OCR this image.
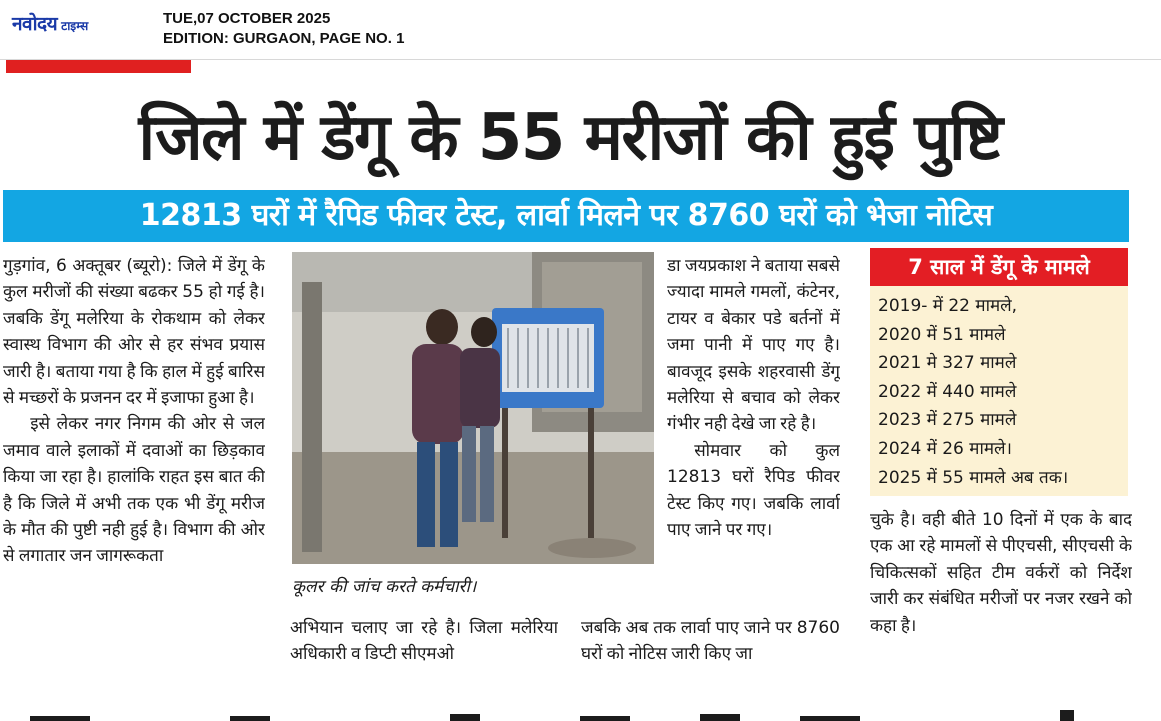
नवोदय टाइम्स	TUE,07 OCTOBER 2025
EDITION: GURGAON, PAGE NO. 1
जिले में डेंगू के 55 मरीजों की हुई पुष्टि
12813 घरों में रैपिड फीवर टेस्ट, लार्वा मिलने पर 8760 घरों को भेजा नोटिस

गुड़गांव, 6 अक्तूबर (ब्यूरो): जिले में डेंगू के कुल मरीजों की संख्या बढकर 55 हो गई है। जबकि डेंगू मलेरिया के रोकथाम को लेकर स्वास्थ विभाग की ओर से हर संभव प्रयास जारी है। बताया गया है कि हाल में हुई बारिस से मच्छरों के प्रजनन दर में इजाफा हुआ है।

इसे लेकर नगर निगम की ओर से जल जमाव वाले इलाकों में दवाओं का छिड़काव किया जा रहा है। हालांकि राहत इस बात की है कि जिले में अभी तक एक भी डेंगू मरीज के मौत की पुष्टी नही हुई है। विभाग की ओर से लगातार जन जागरूकता

कूलर की जांच करते कर्मचारी।

अभियान चलाए जा रहे है। जिला मलेरिया अधिकारी व डिप्टी सीएमओ

डा जयप्रकाश ने बताया सबसे ज्यादा मामले गमलों, कंटेनर, टायर व बेकार पडे बर्तनों में जमा पानी में पाए गए है। बावजूद इसके शहरवासी डेंगू मलेरिया से बचाव को लेकर गंभीर नही देखे जा रहे है।

सोमवार को कुल 12813 घरों रैपिड फीवर टेस्ट किए गए। जबकि लार्वा पाए जाने पर गए।

जबकि अब तक लार्वा पाए जाने पर 8760 घरों को नोटिस जारी किए जा

7 साल में डेंगू के मामले
2019- में 22 मामले,
2020 में 51 मामले
2021 मे 327 मामले
2022 में 440 मामले
2023 में 275 मामले
2024 में 26 मामले।
2025 में 55 मामले अब तक।

चुके है। वही बीते 10 दिनों में एक के बाद एक आ रहे मामलों से पीएचसी, सीएचसी के चिकित्सकों सहित टीम वर्करों को निर्देश जारी कर संबंधित मरीजों पर नजर रखने को कहा है।
